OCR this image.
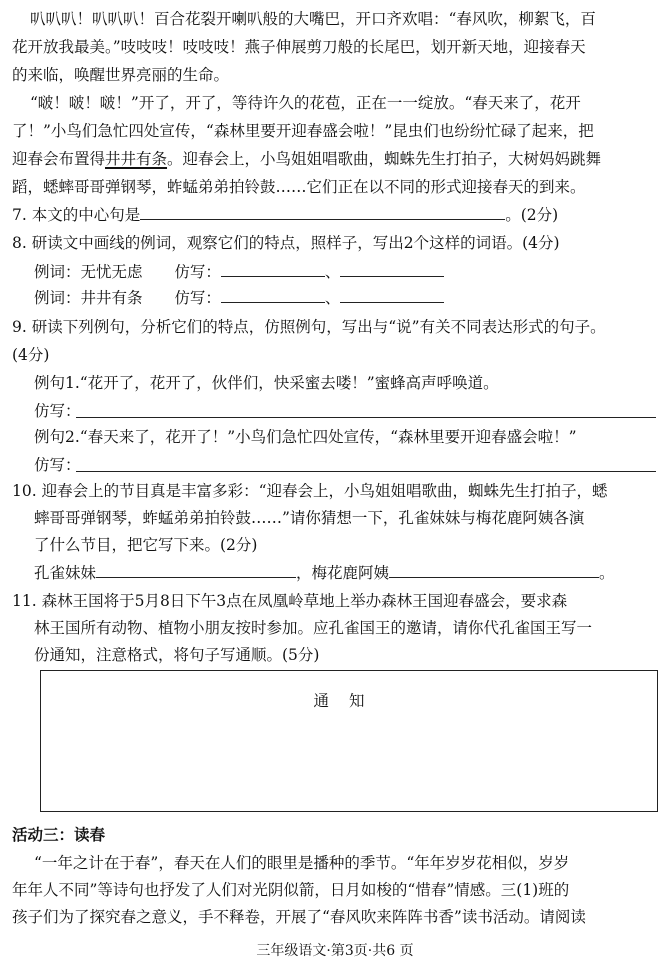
叭叭叭！叭叭叭！百合花裂开喇叭般的大嘴巴，开口齐欢唱：“春风吹，柳絮飞，百
花开放我最美。”吱吱吱！吱吱吱！燕子伸展剪刀般的长尾巴，划开新天地，迎接春天
的来临，唤醒世界亮丽的生命。
“啵！啵！啵！”开了，开了，等待许久的花苞，正在一一绽放。“春天来了，花开
了！”小鸟们急忙四处宣传，“森林里要开迎春盛会啦！”昆虫们也纷纷忙碌了起来，把
迎春会布置得井井有条。迎春会上，小鸟姐姐唱歌曲，蜘蛛先生打拍子，大树妈妈跳舞
蹈，蟋蟀哥哥弹钢琴，蚱蜢弟弟拍铃鼓……它们正在以不同的形式迎接春天的到来。
7. 本文的中心句是	。(2分)
8. 研读文中画线的例词，观察它们的特点，照样子，写出2个这样的词语。(4分)
例词：无忧无虑 仿写：	、
例词：井井有条 仿写：	、
9. 研读下列例句，分析它们的特点，仿照例句，写出与“说”有关不同表达形式的句子。
(4分)
例句1.“花开了，花开了，伙伴们，快采蜜去喽！”蜜蜂高声呼唤道。
仿写：
例句2.“春天来了，花开了！”小鸟们急忙四处宣传，“森林里要开迎春盛会啦！”
仿写：
10. 迎春会上的节目真是丰富多彩：“迎春会上，小鸟姐姐唱歌曲，蜘蛛先生打拍子，蟋
蟀哥哥弹钢琴，蚱蜢弟弟拍铃鼓……”请你猜想一下，孔雀妹妹与梅花鹿阿姨各演
了什么节目，把它写下来。(2分)
孔雀妹妹	，梅花鹿阿姨	。
11. 森林王国将于5月8日下午3点在凤凰岭草地上举办森林王国迎春盛会，要求森
林王国所有动物、植物小朋友按时参加。应孔雀国王的邀请，请你代孔雀国王写一
份通知，注意格式，将句子写通顺。(5分)
通知
活动三：读春
“一年之计在于春”，春天在人们的眼里是播种的季节。“年年岁岁花相似，岁岁
年年人不同”等诗句也抒发了人们对光阴似箭，日月如梭的“惜春”情感。三(1)班的
孩子们为了探究春之意义，手不释卷，开展了“春风吹来阵阵书香”读书活动。请阅读
三年级语文·第3页·共6 页
